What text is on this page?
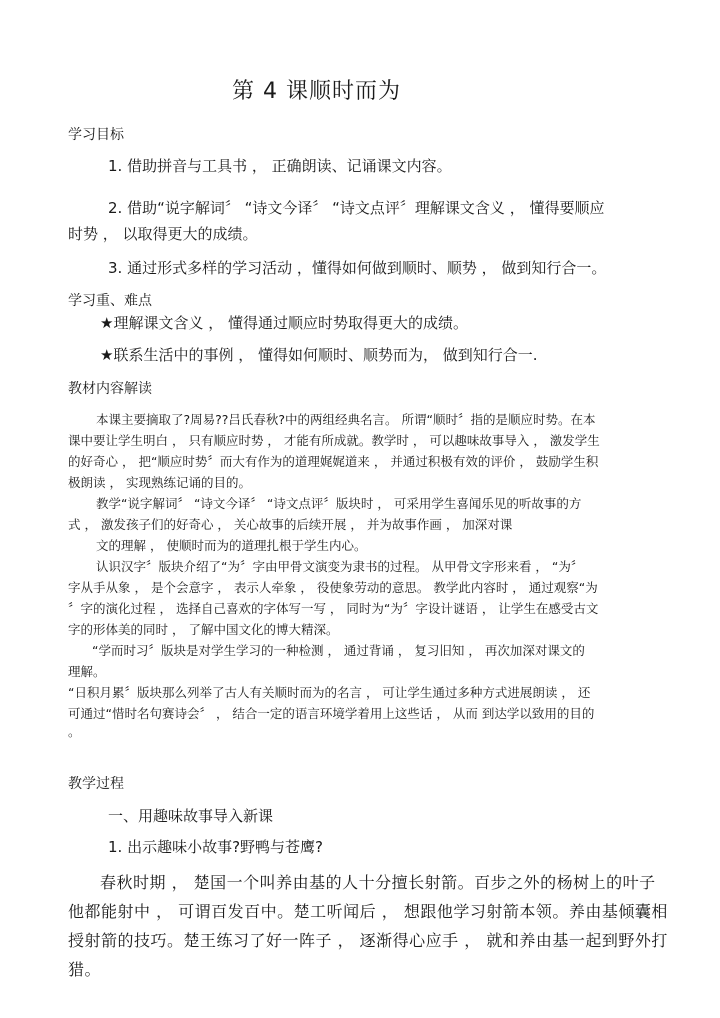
第 4 课顺时而为
学习目标
1. 借助拼音与工具书 ， 正确朗读、记诵课文内容。
2. 借助“说字解词〞 “诗文今译〞 “诗文点评〞理解课文含义 ， 懂得要顺应
时势 ， 以取得更大的成绩。
3. 通过形式多样的学习活动 ，懂得如何做到顺时、顺势 ， 做到知行合一。
学习重、难点
★理解课文含义 ， 懂得通过顺应时势取得更大的成绩。
★联系生活中的事例 ， 懂得如何顺时、顺势而为， 做到知行合一.
教材内容解读
本课主要摘取了?周易??吕氏春秋?中的两组经典名言。 所谓“顺时〞指的是顺应时势。在本
课中要让学生明白 ， 只有顺应时势 ， 才能有所成就。教学时 ， 可以趣味故事导入 ， 激发学生
的好奇心 ， 把“顺应时势〞而大有作为的道理娓娓道来 ， 并通过积极有效的评价 ， 鼓励学生积
极朗读 ， 实现熟练记诵的目的。
教学“说字解词〞 “诗文今译〞 “诗文点评〞版块时 ， 可采用学生喜闻乐见的听故事的方
式 ， 激发孩子们的好奇心 ， 关心故事的后续开展 ， 并为故事作画 ， 加深对课
文的理解 ， 使顺时而为的道理扎根于学生内心。
认识汉字〞版块介绍了“为〞字由甲骨文演变为隶书的过程。 从甲骨文字形来看 ， “为〞
字从手从象 ， 是个会意字 ， 表示人牵象 ， 役使象劳动的意思。 教学此内容时 ， 通过观察“为
〞字的演化过程 ， 选择自己喜欢的字体写一写 ， 同时为“为〞字设计谜语 ， 让学生在感受古文
字的形体美的同时 ， 了解中国文化的博大精深。
“学而时习〞版块是对学生学习的一种检测 ， 通过背诵 ， 复习旧知 ， 再次加深对课文的
理解。
“日积月累〞版块那么列举了古人有关顺时而为的名言 ， 可让学生通过多种方式进展朗读 ， 还
可通过“惜时名句赛诗会〞 ， 结合一定的语言环境学着用上这些话 ， 从而 到达学以致用的目的
。
教学过程
一、用趣味故事导入新课
1. 出示趣味小故事?野鸭与苍鹰?
春秋时期 ， 楚国一个叫养由基的人十分擅长射箭。百步之外的杨树上的叶子
他都能射中 ， 可谓百发百中。楚工听闻后 ， 想跟他学习射箭本领。养由基倾囊相
授射箭的技巧。楚王练习了好一阵子 ， 逐渐得心应手 ， 就和养由基一起到野外打
猎。
